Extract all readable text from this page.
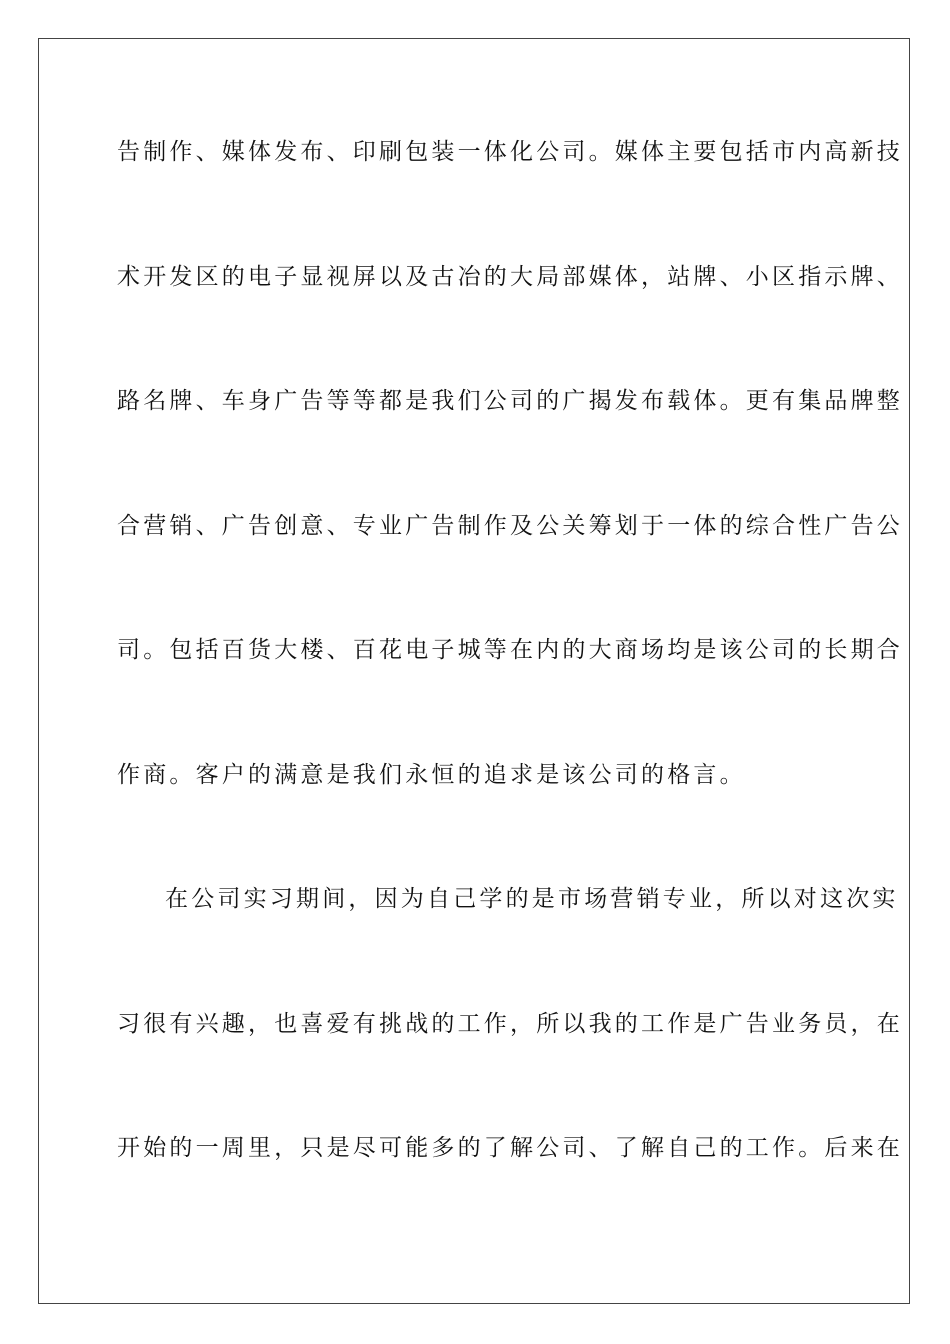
告制作、媒体发布、印刷包装一体化公司。媒体主要包括市内高新技
术开发区的电子显视屏以及古冶的大局部媒体，站牌、小区指示牌、
路名牌、车身广告等等都是我们公司的广揭发布载体。更有集品牌整
合营销、广告创意、专业广告制作及公关筹划于一体的综合性广告公
司。包括百货大楼、百花电子城等在内的大商场均是该公司的长期合
作商。客户的满意是我们永恒的追求是该公司的格言。
在公司实习期间，因为自己学的是市场营销专业，所以对这次实
习很有兴趣，也喜爱有挑战的工作，所以我的工作是广告业务员，在
开始的一周里，只是尽可能多的了解公司、了解自己的工作。后来在
